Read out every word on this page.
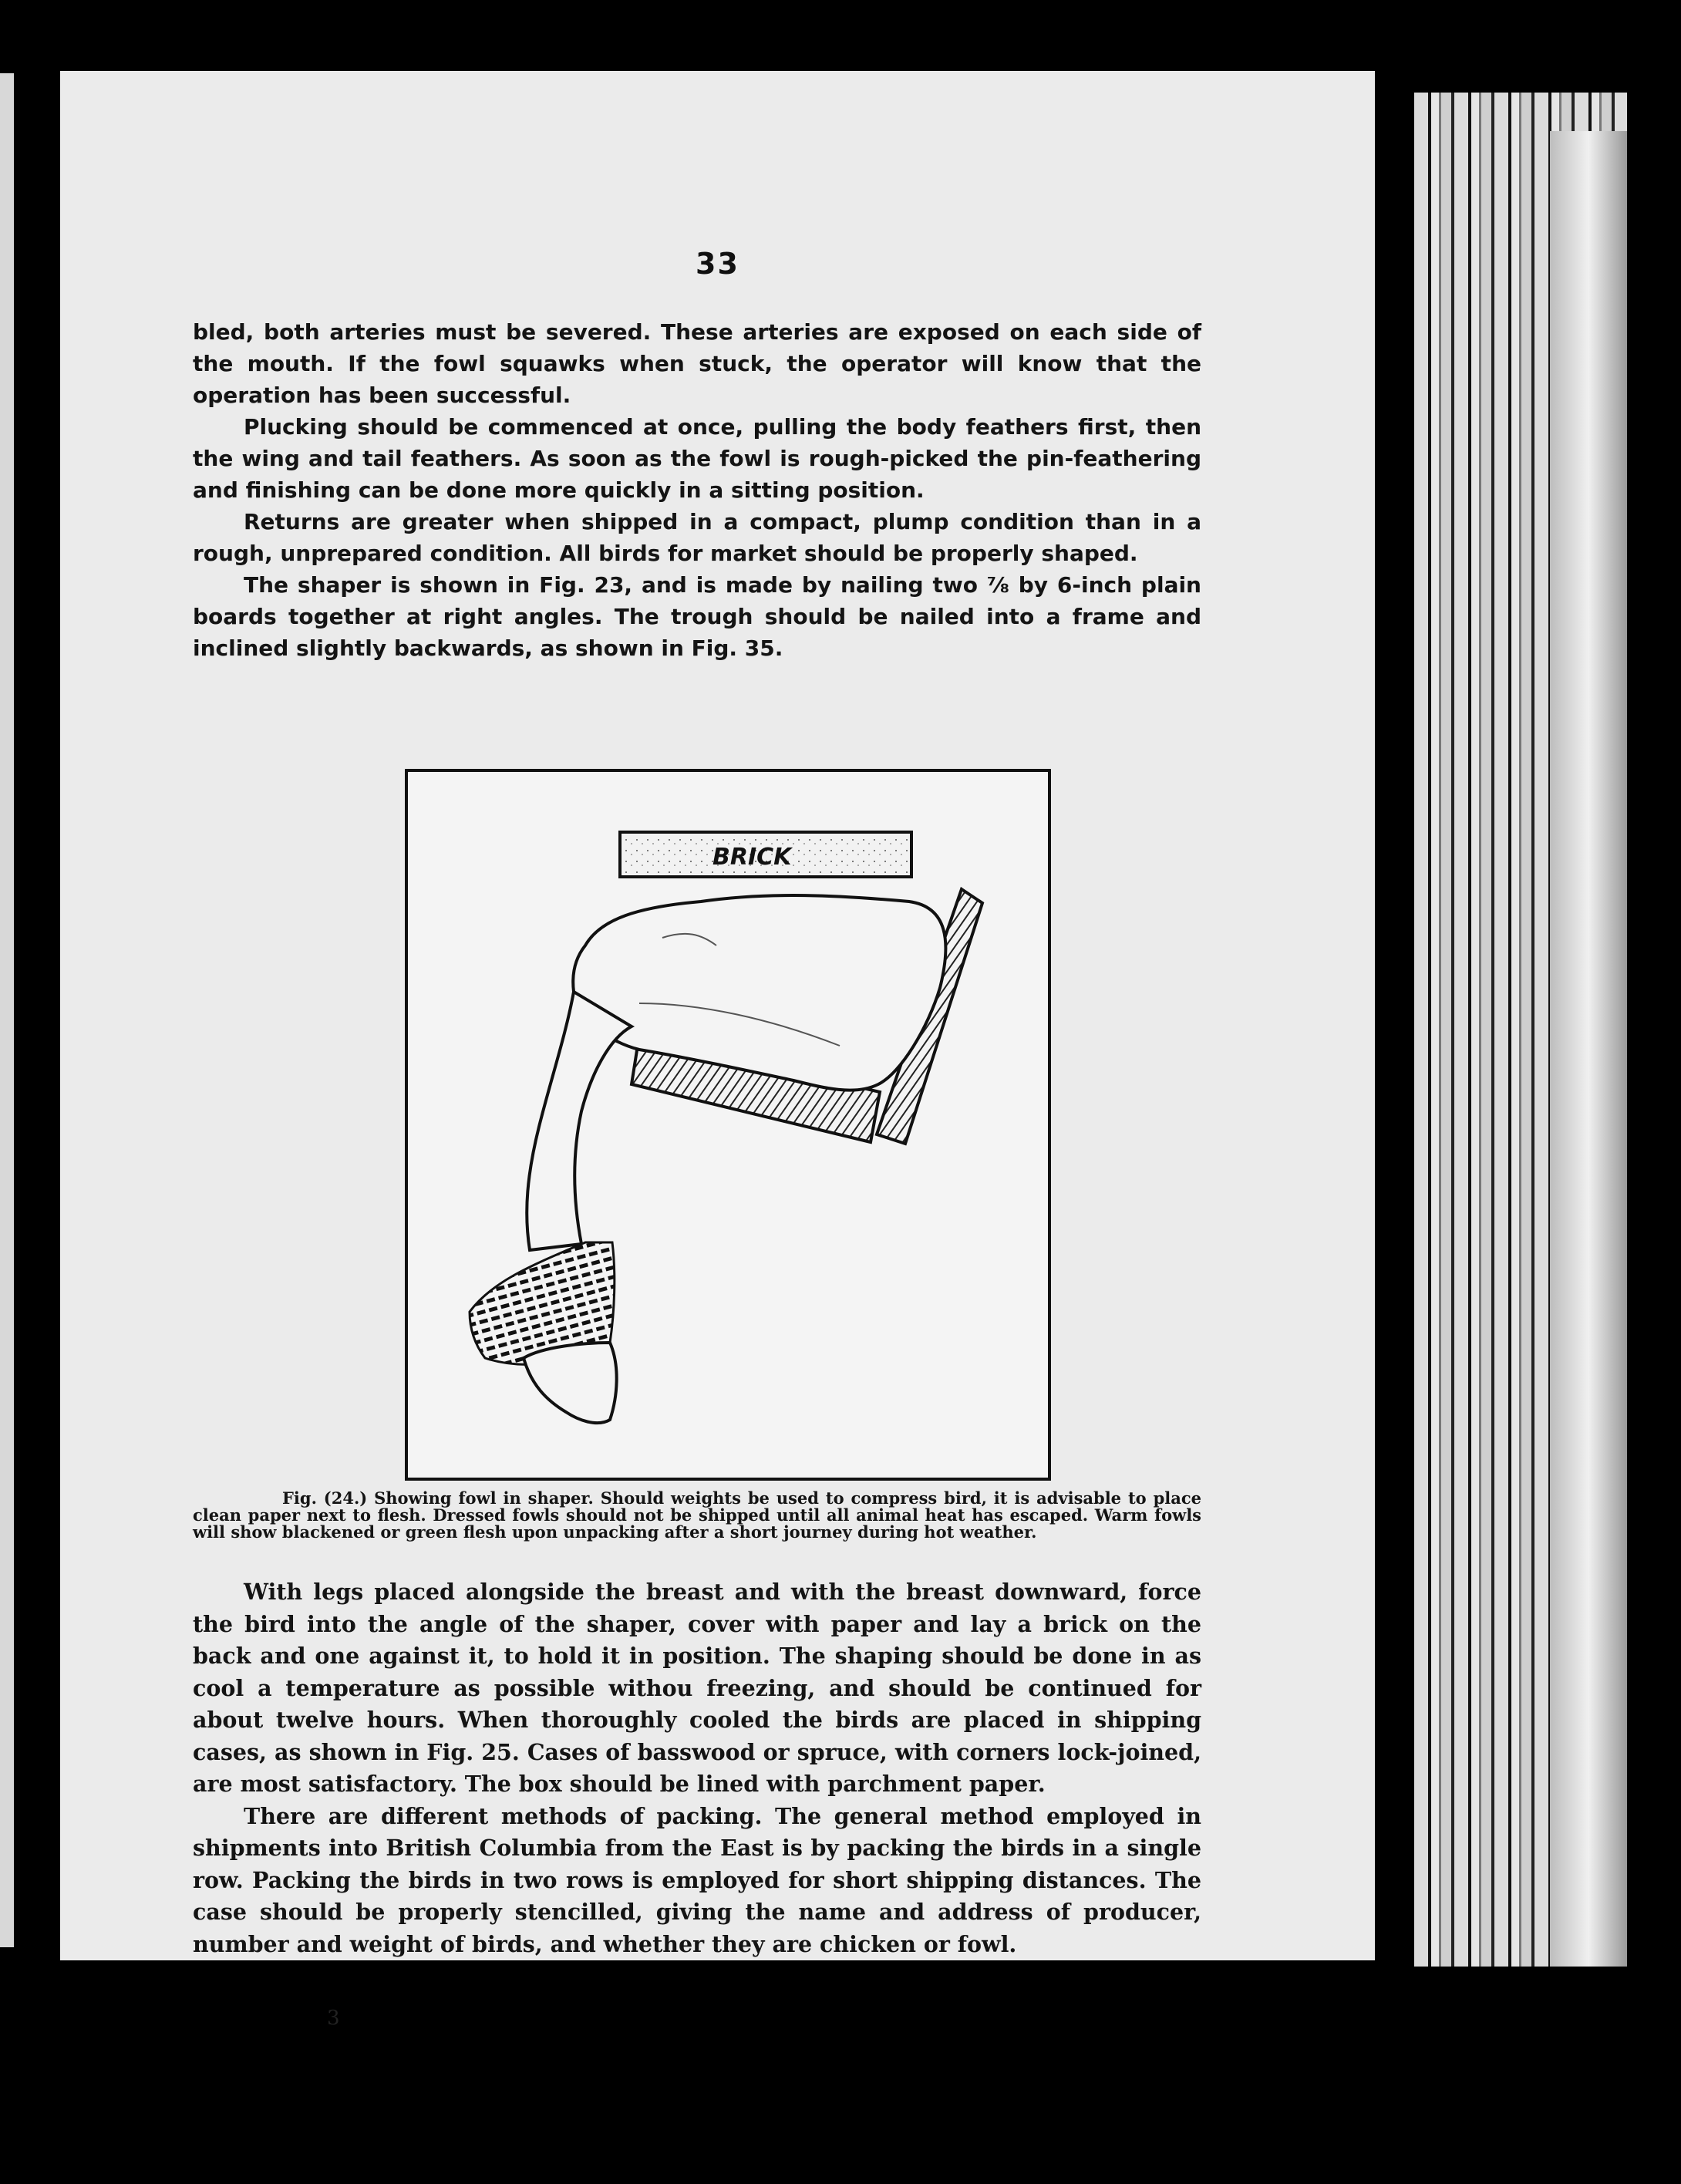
33

bled, both arteries must be severed. These arteries are exposed on each side of the mouth. If the fowl squawks when stuck, the operator will know that the operation has been successful.

Plucking should be commenced at once, pulling the body feathers first, then the wing and tail feathers. As soon as the fowl is rough-picked the pin-feathering and finishing can be done more quickly in a sitting position.

Returns are greater when shipped in a compact, plump condition than in a rough, unprepared condition. All birds for market should be properly shaped.

The shaper is shown in Fig. 23, and is made by nailing two ⅞ by 6-inch plain boards together at right angles. The trough should be nailed into a frame and inclined slightly backwards, as shown in Fig. 35.

BRICK

Fig. (24.) Showing fowl in shaper. Should weights be used to compress bird, it is advisable to place clean paper next to flesh. Dressed fowls should not be shipped until all animal heat has escaped. Warm fowls will show blackened or green flesh upon unpacking after a short journey during hot weather.

With legs placed alongside the breast and with the breast downward, force the bird into the angle of the shaper, cover with paper and lay a brick on the back and one against it, to hold it in position. The shaping should be done in as cool a temperature as possible withou freezing, and should be continued for about twelve hours. When thoroughly cooled the birds are placed in shipping cases, as shown in Fig. 25. Cases of basswood or spruce, with corners lock-joined, are most satisfactory. The box should be lined with parchment paper.

There are different methods of packing. The general method employed in shipments into British Columbia from the East is by packing the birds in a single row. Packing the birds in two rows is employed for short shipping distances. The case should be properly stencilled, giving the name and address of producer, number and weight of birds, and whether they are chicken or fowl.

3
